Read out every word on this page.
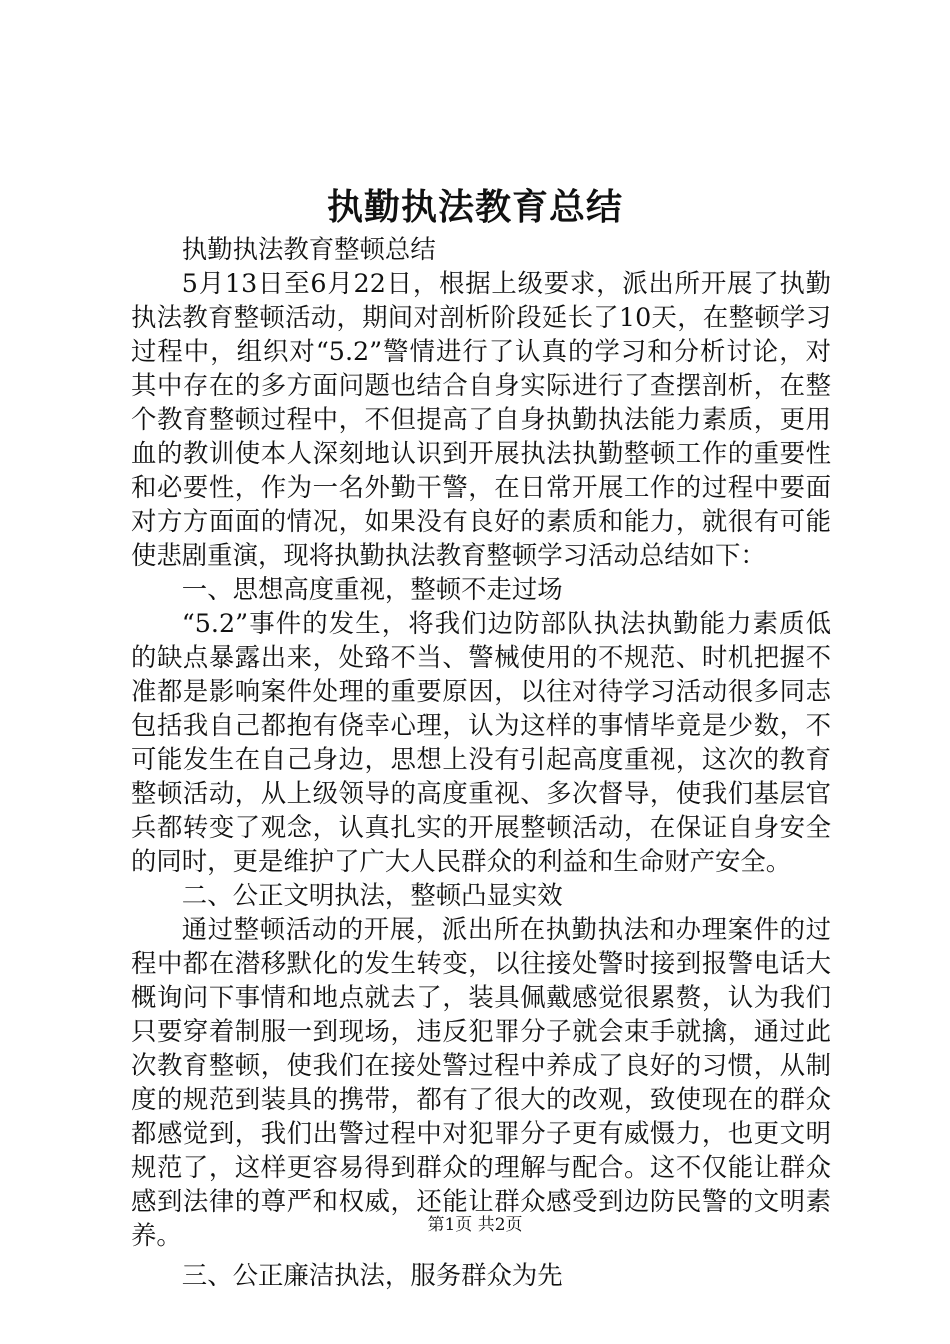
执勤执法教育总结

执勤执法教育整顿总结

5月13日至6月22日，根据上级要求，派出所开展了执勤执法教育整顿活动，期间对剖析阶段延长了10天，在整顿学习过程中，组织对“5.2”警情进行了认真的学习和分析讨论，对其中存在的多方面问题也结合自身实际进行了查摆剖析，在整个教育整顿过程中，不但提高了自身执勤执法能力素质，更用血的教训使本人深刻地认识到开展执法执勤整顿工作的重要性和必要性，作为一名外勤干警，在日常开展工作的过程中要面对方方面面的情况，如果没有良好的素质和能力，就很有可能使悲剧重演，现将执勤执法教育整顿学习活动总结如下：

一、思想高度重视，整顿不走过场

“5.2”事件的发生，将我们边防部队执法执勤能力素质低的缺点暴露出来，处臵不当、警械使用的不规范、时机把握不准都是影响案件处理的重要原因，以往对待学习活动很多同志包括我自己都抱有侥幸心理，认为这样的事情毕竟是少数，不可能发生在自己身边，思想上没有引起高度重视，这次的教育整顿活动，从上级领导的高度重视、多次督导，使我们基层官兵都转变了观念，认真扎实的开展整顿活动，在保证自身安全的同时，更是维护了广大人民群众的利益和生命财产安全。

二、公正文明执法，整顿凸显实效

通过整顿活动的开展，派出所在执勤执法和办理案件的过程中都在潜移默化的发生转变，以往接处警时接到报警电话大概询问下事情和地点就去了，装具佩戴感觉很累赘，认为我们只要穿着制服一到现场，违反犯罪分子就会束手就擒，通过此次教育整顿，使我们在接处警过程中养成了良好的习惯，从制度的规范到装具的携带，都有了很大的改观，致使现在的群众都感觉到，我们出警过程中对犯罪分子更有威慑力，也更文明规范了，这样更容易得到群众的理解与配合。这不仅能让群众感到法律的尊严和权威，还能让群众感受到边防民警的文明素养。

三、公正廉洁执法，服务群众为先

第1页 共2页
